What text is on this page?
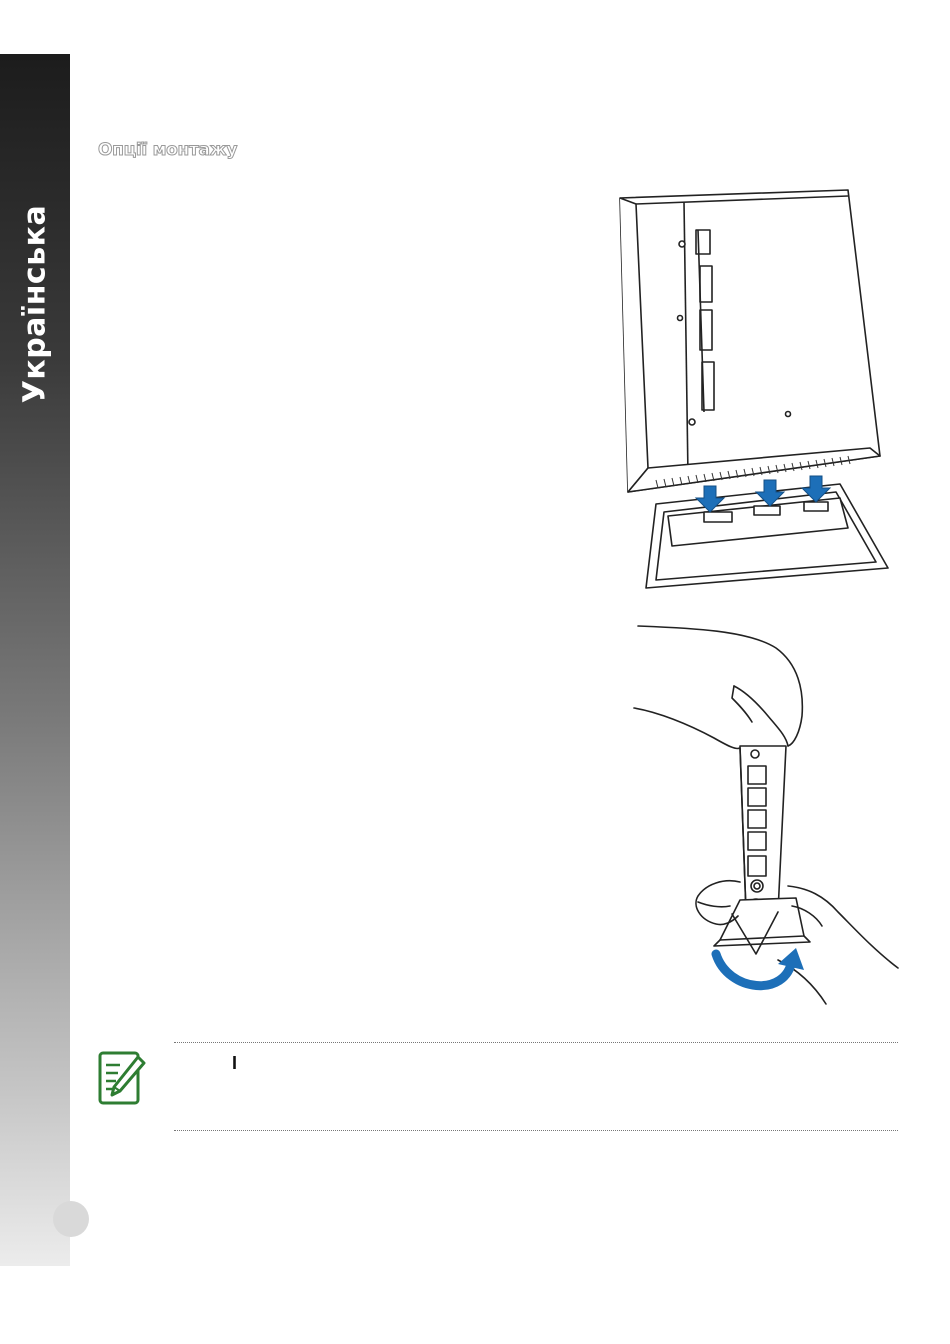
Українська
Опції монтажу
І
